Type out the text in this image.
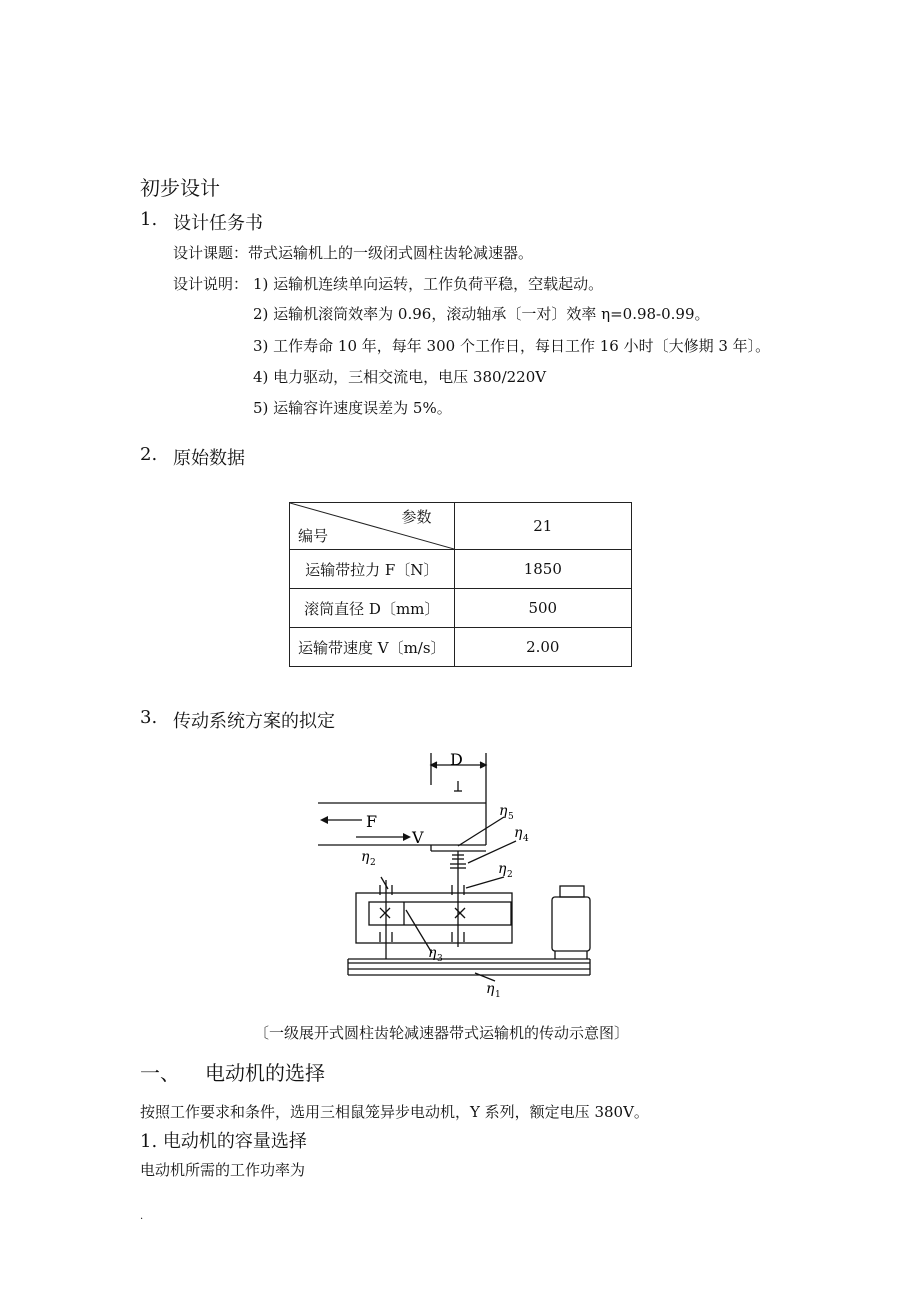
初步设计
1. 设计任务书
设计课题：带式运输机上的一级闭式圆柱齿轮减速器。
设计说明： 1) 运输机连续单向运转，工作负荷平稳，空载起动。
2) 运输机滚筒效率为 0.96，滚动轴承〔一对〕效率 η=0.98-0.99。
3) 工作寿命 10 年，每年 300 个工作日，每日工作 16 小时〔大修期 3 年〕。
4) 电力驱动，三相交流电，电压 380/220V
5) 运输容许速度误差为 5%。
2. 原始数据
参数
编号	21
运输带拉力 F〔N〕	1850
滚筒直径 D〔mm〕	500
运输带速度 V〔m/s〕	2.00
3. 传动系统方案的拟定
D
F
V
η 5
η 4
η 2	η 2
η 3
η 1
〔一级展开式圆柱齿轮减速器带式运输机的传动示意图〕
一、 电动机的选择
按照工作要求和条件，选用三相鼠笼异步电动机，Y 系列，额定电压 380V。
1. 电动机的容量选择
电动机所需的工作功率为
.
